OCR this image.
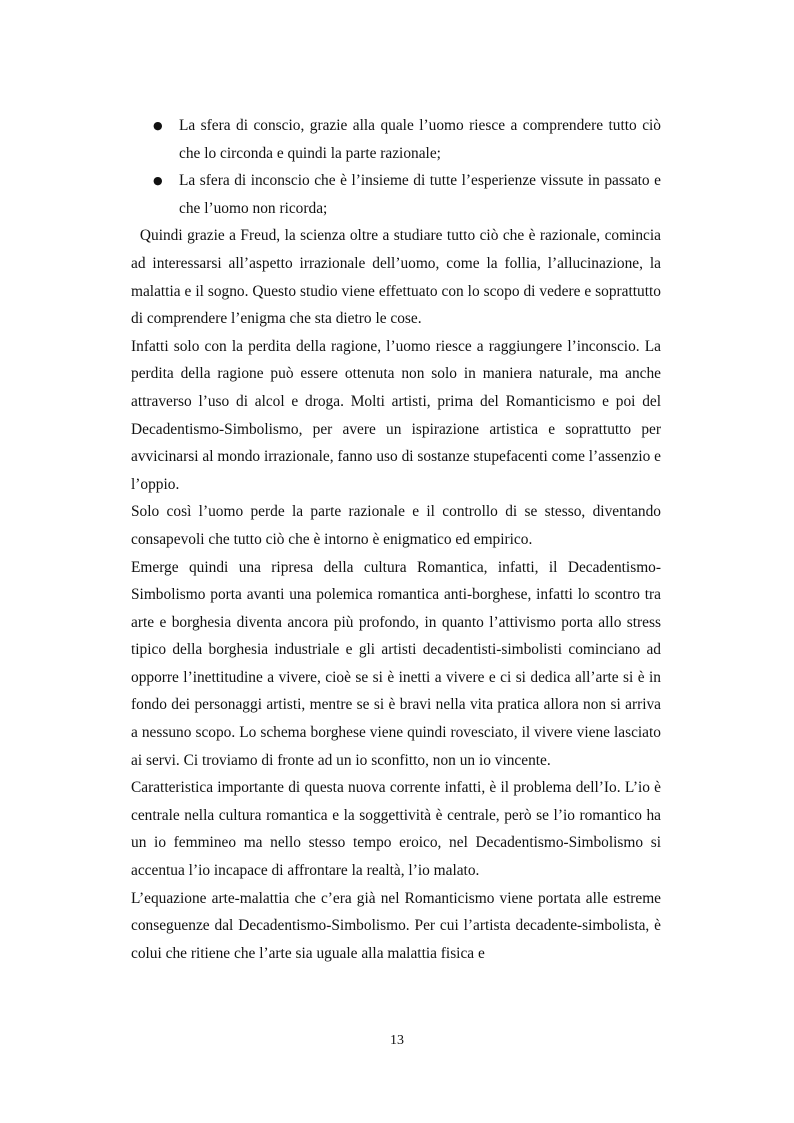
● La sfera di conscio, grazie alla quale l’uomo riesce a comprendere tutto ciò che lo circonda e quindi la parte razionale;
● La sfera di inconscio che è l’insieme di tutte l’esperienze vissute in passato e che l’uomo non ricorda;

Quindi grazie a Freud, la scienza oltre a studiare tutto ciò che è razionale, comincia ad interessarsi all’aspetto irrazionale dell’uomo, come la follia, l’allucinazione, la malattia e il sogno. Questo studio viene effettuato con lo scopo di vedere e soprattutto di comprendere l’enigma che sta dietro le cose.

Infatti solo con la perdita della ragione, l’uomo riesce a raggiungere l’inconscio. La perdita della ragione può essere ottenuta non solo in maniera naturale, ma anche attraverso l’uso di alcol e droga. Molti artisti, prima del Romanticismo e poi del Decadentismo-Simbolismo, per avere un ispirazione artistica e soprattutto per avvicinarsi al mondo irrazionale, fanno uso di sostanze stupefacenti come l’assenzio e l’oppio.

Solo così l’uomo perde la parte razionale e il controllo di se stesso, diventando consapevoli che tutto ciò che è intorno è enigmatico ed empirico.

Emerge quindi una ripresa della cultura Romantica, infatti, il Decadentismo-Simbolismo porta avanti una polemica romantica anti-borghese, infatti lo scontro tra arte e borghesia diventa ancora più profondo, in quanto l’attivismo porta allo stress tipico della borghesia industriale e gli artisti decadentisti-simbolisti cominciano ad opporre l’inettitudine a vivere, cioè se si è inetti a vivere e ci si dedica all’arte si è in fondo dei personaggi artisti, mentre se si è bravi nella vita pratica allora non si arriva a nessuno scopo. Lo schema borghese viene quindi rovesciato, il vivere viene lasciato ai servi. Ci troviamo di fronte ad un io sconfitto, non un io vincente.

Caratteristica importante di questa nuova corrente infatti, è il problema dell’Io. L’io è centrale nella cultura romantica e la soggettività è centrale, però se l’io romantico ha un io femmineo ma nello stesso tempo eroico, nel Decadentismo-Simbolismo si accentua l’io incapace di affrontare la realtà, l’io malato.

L’equazione arte-malattia che c’era già nel Romanticismo viene portata alle estreme conseguenze dal Decadentismo-Simbolismo. Per cui l’artista decadente-simbolista, è colui che ritiene che l’arte sia uguale alla malattia fisica e

13
